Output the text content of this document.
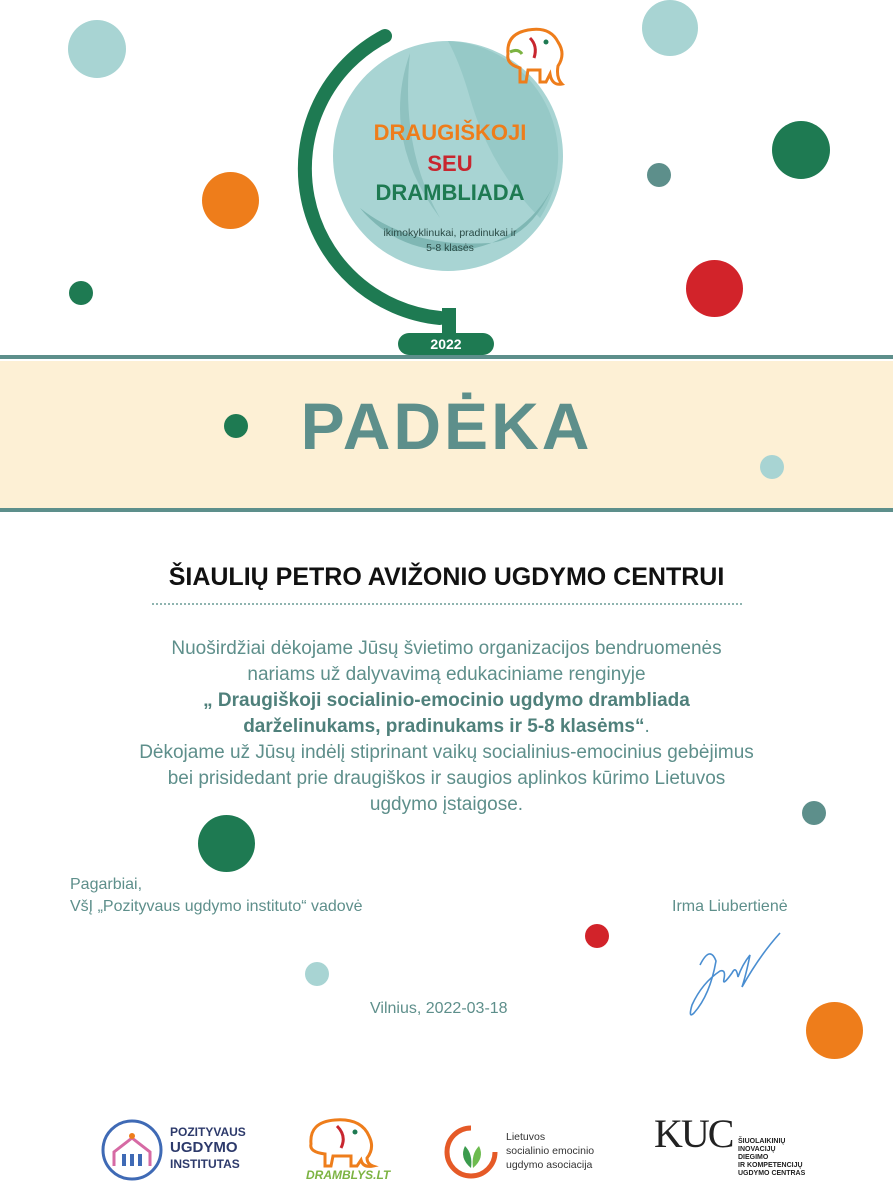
DRAUGIŠKOJI
SEU
DRAMBLIADA
ikimokyklinukai, pradinukai ir
5-8 klasės
2022
PADĖKA
ŠIAULIŲ PETRO AVIŽONIO UGDYMO CENTRUI
Nuoširdžiai dėkojame Jūsų švietimo organizacijos bendruomenės
nariams už dalyvavimą edukaciniame renginyje
„ Draugiškoji socialinio-emocinio ugdymo drambliada
darželinukams, pradinukams ir 5-8 klasėms“.
Dėkojame už Jūsų indėlį stiprinant vaikų socialinius-emocinius gebėjimus
bei prisidedant prie draugiškos ir saugios aplinkos kūrimo Lietuvos
ugdymo įstaigose.
Pagarbiai,
VšĮ „Pozityvaus ugdymo instituto“ vadovė	Irma Liubertienė
Vilnius, 2022-03-18
POZITYVAUS
UGDYMO
INSTITUTAS
DRAMBLYS.LT
Lietuvos
socialinio emocinio
ugdymo asociacija
KUC ŠIUOLAIKINIŲ
INOVACIJŲ
DIEGIMO
IR KOMPETENCIJŲ
UGDYMO CENTRAS
